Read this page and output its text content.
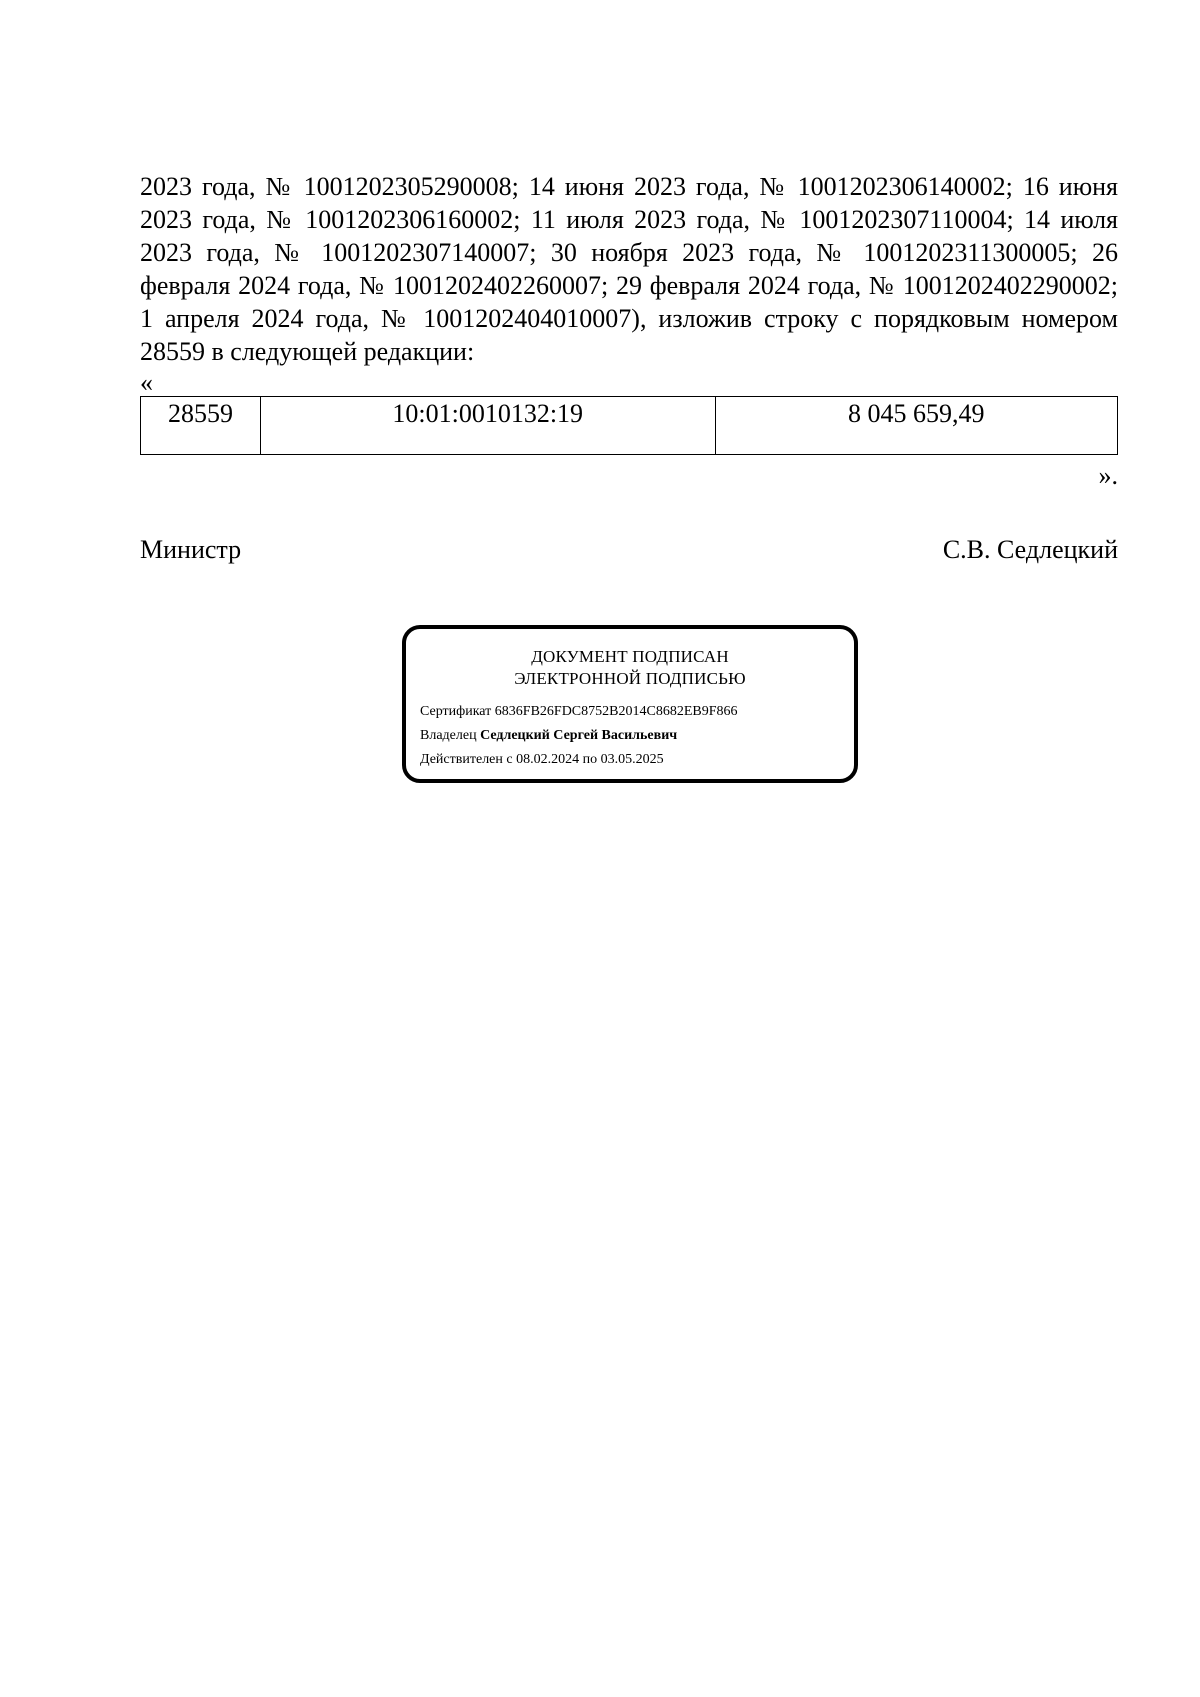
2023 года, № 1001202305290008; 14 июня 2023 года, № 1001202306140002; 16 июня 2023 года, № 1001202306160002; 11 июля 2023 года, № 1001202307110004; 14 июля 2023 года, № 1001202307140007; 30 ноября 2023 года, № 1001202311300005; 26 февраля 2024 года, № 1001202402260007; 29 февраля 2024 года, № 1001202402290002; 1 апреля 2024 года, № 1001202404010007), изложив строку с порядковым номером 28559 в следующей редакции:

«
28559	10:01:0010132:19	8 045 659,49
».
Министр	С.В. Седлецкий
ДОКУМЕНТ ПОДПИСАН
ЭЛЕКТРОННОЙ ПОДПИСЬЮ
Сертификат 6836FB26FDC8752B2014C8682EB9F866
Владелец Седлецкий Сергей Васильевич
Действителен с 08.02.2024 по 03.05.2025
